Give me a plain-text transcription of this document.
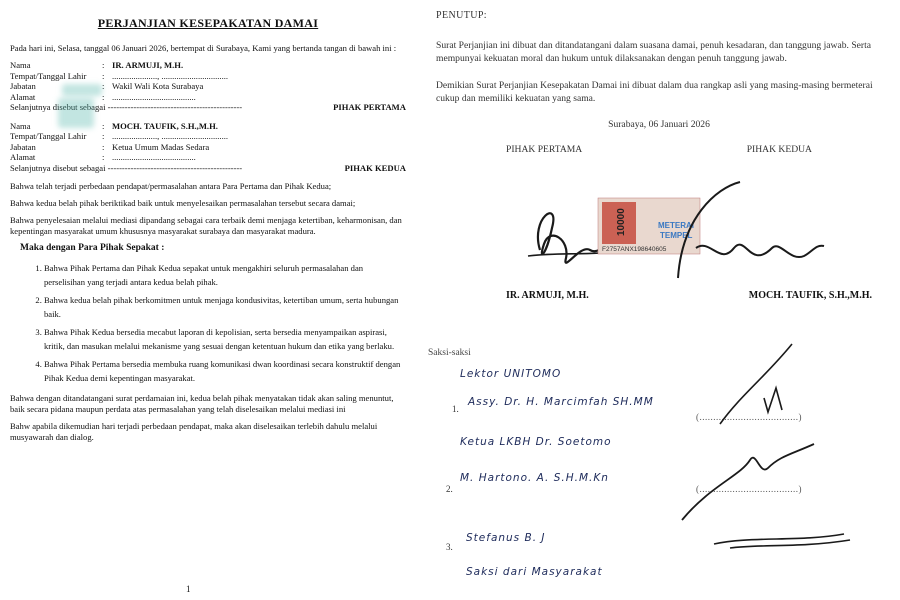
PERJANJIAN KESEPAKATAN DAMAI
Pada hari ini, Selasa, tanggal 06 Januari 2026, bertempat di Surabaya, Kami yang bertanda tangan di bawah ini :
Nama	: IR. ARMUJI, M.H.
Tempat/Tanggal Lahir	: ....................., ...............................
Jabatan	: Wakil Wali Kota Surabaya
Alamat	: .......................................
Selanjutnya disebut sebagai -----------------------------------------------	PIHAK PERTAMA
Nama	: MOCH. TAUFIK, S.H.,M.H.
Tempat/Tanggal Lahir	: ....................., ...............................
Jabatan	: Ketua Umum Madas Sedara
Alamat	: .......................................
Selanjutnya disebut sebagai -----------------------------------------------	PIHAK KEDUA
Bahwa telah terjadi perbedaan pendapat/permasalahan antara Para Pertama dan Pihak Kedua;
Bahwa kedua belah pihak beriktikad baik untuk menyelesaikan permasalahan tersebut secara damai;
Bahwa penyelesaian melalui mediasi dipandang sebagai cara terbaik demi menjaga ketertiban, keharmonisan, dan kepentingan masyarakat umum khususnya masyarakat surabaya dan masyarakat madura.
Maka dengan Para Pihak Sepakat :
1. Bahwa Pihak Pertama dan Pihak Kedua sepakat untuk mengakhiri seluruh permasalahan dan perselisihan yang terjadi antara kedua belah pihak.
2. Bahwa kedua belah pihak berkomitmen untuk menjaga kondusivitas, ketertiban umum, serta hubungan baik.
3. Bahwa Pihak Kedua bersedia mecabut laporan di kepolisian, serta bersedia menyampaikan aspirasi, kritik, dan masukan melalui mekanisme yang sesuai dengan ketentuan hukum dan etika yang berlaku.
4. Bahwa Pihak Pertama bersedia membuka ruang komunikasi dwan koordinasi secara konstruktif dengan Pihak Kedua demi kepentingan masyarakat.
Bahwa dengan ditandatangani surat perdamaian ini, kedua belah pihak menyatakan tidak akan saling menuntut, baik secara pidana maupun perdata atas permasalahan yang telah diselesaikan melalui mediasi ini
Bahw apabila dikemudian hari terjadi perbedaan pendapat, maka akan diselesaikan terlebih dahulu melalui musyawarah dan dialog.
1
PENUTUP:
Surat Perjanjian ini dibuat dan ditandatangani dalam suasana damai, penuh kesadaran, dan tanggung jawab. Serta mempunyai kekuatan moral dan hukum untuk dilaksanakan dengan penuh tanggung jawab.
Demikian Surat Perjanjian Kesepakatan Damai ini dibuat dalam dua rangkap asli yang masing-masing bermeterai cukup dan memiliki kekuatan yang sama.
Surabaya, 06 Januari 2026
PIHAK PERTAMA	PIHAK KEDUA
10000	METERAI
TEMPEL
F2757ANX198640605
IR. ARMUJI, M.H.	MOCH. TAUFIK, S.H.,M.H.
Saksi-saksi
Lektor UNITOMO
1.
Assy. Dr. H. Marcimfah SH.MM
(....................................)
Ketua LKBH Dr. Soetomo
2.
M. Hartono. A. S.H.M.Kn
(....................................)
3.
Stefanus B. J
Saksi dari Masyarakat
